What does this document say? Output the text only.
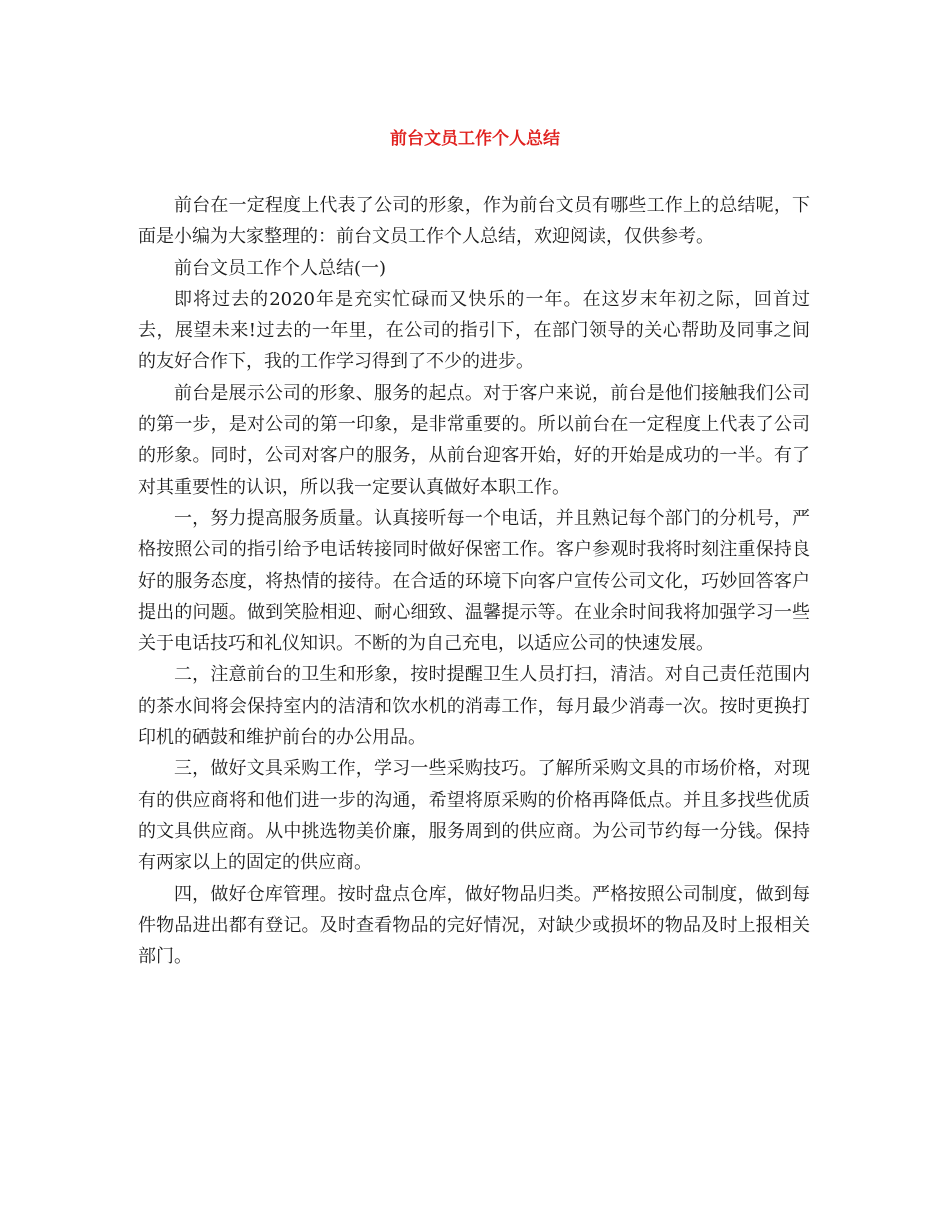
前台文员工作个人总结

前台在一定程度上代表了公司的形象，作为前台文员有哪些工作上的总结呢，下面是小编为大家整理的：前台文员工作个人总结，欢迎阅读，仅供参考。

前台文员工作个人总结(一)

即将过去的2020年是充实忙碌而又快乐的一年。在这岁末年初之际，回首过去，展望未来!过去的一年里，在公司的指引下，在部门领导的关心帮助及同事之间的友好合作下，我的工作学习得到了不少的进步。

前台是展示公司的形象、服务的起点。对于客户来说，前台是他们接触我们公司的第一步，是对公司的第一印象，是非常重要的。所以前台在一定程度上代表了公司的形象。同时，公司对客户的服务，从前台迎客开始，好的开始是成功的一半。有了对其重要性的认识，所以我一定要认真做好本职工作。

一，努力提高服务质量。认真接听每一个电话，并且熟记每个部门的分机号，严格按照公司的指引给予电话转接同时做好保密工作。客户参观时我将时刻注重保持良好的服务态度，将热情的接待。在合适的环境下向客户宣传公司文化，巧妙回答客户提出的问题。做到笑脸相迎、耐心细致、温馨提示等。在业余时间我将加强学习一些关于电话技巧和礼仪知识。不断的为自己充电，以适应公司的快速发展。

二，注意前台的卫生和形象，按时提醒卫生人员打扫，清洁。对自己责任范围内的茶水间将会保持室内的洁清和饮水机的消毒工作，每月最少消毒一次。按时更换打印机的硒鼓和维护前台的办公用品。

三，做好文具采购工作，学习一些采购技巧。了解所采购文具的市场价格，对现有的供应商将和他们进一步的沟通，希望将原采购的价格再降低点。并且多找些优质的文具供应商。从中挑选物美价廉，服务周到的供应商。为公司节约每一分钱。保持有两家以上的固定的供应商。

四，做好仓库管理。按时盘点仓库，做好物品归类。严格按照公司制度，做到每件物品进出都有登记。及时查看物品的完好情况，对缺少或损坏的物品及时上报相关部门。
